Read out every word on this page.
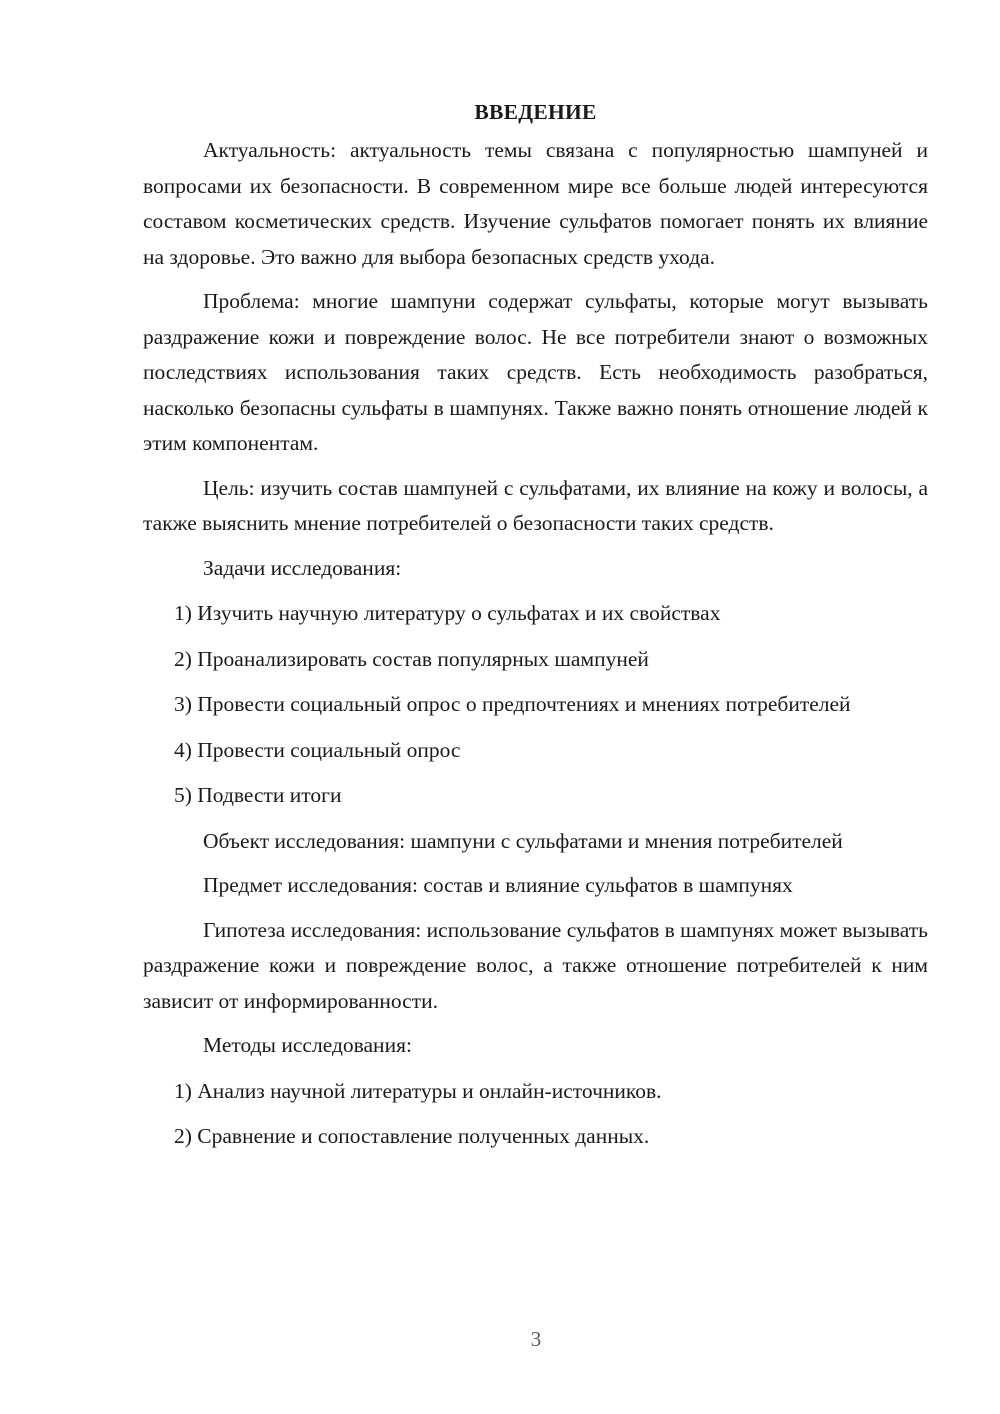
ВВЕДЕНИЕ

Актуальность: актуальность темы связана с популярностью шампуней и вопросами их безопасности. В современном мире все больше людей интересуются составом косметических средств. Изучение сульфатов помогает понять их влияние на здоровье. Это важно для выбора безопасных средств ухода.

Проблема: многие шампуни содержат сульфаты, которые могут вызывать раздражение кожи и повреждение волос. Не все потребители знают о возможных последствиях использования таких средств. Есть необходимость разобраться, насколько безопасны сульфаты в шампунях. Также важно понять отношение людей к этим компонентам.

Цель: изучить состав шампуней с сульфатами, их влияние на кожу и волосы, а также выяснить мнение потребителей о безопасности таких средств.

Задачи исследования:

1) Изучить научную литературу о сульфатах и их свойствах

2) Проанализировать состав популярных шампуней

3) Провести социальный опрос о предпочтениях и мнениях потребителей

4) Провести социальный опрос

5) Подвести итоги

Объект исследования: шампуни с сульфатами и мнения потребителей

Предмет исследования: состав и влияние сульфатов в шампунях

Гипотеза исследования: использование сульфатов в шампунях может вызывать раздражение кожи и повреждение волос, а также отношение потребителей к ним зависит от информированности.

Методы исследования:

1) Анализ научной литературы и онлайн-источников.

2) Сравнение и сопоставление полученных данных.

3
